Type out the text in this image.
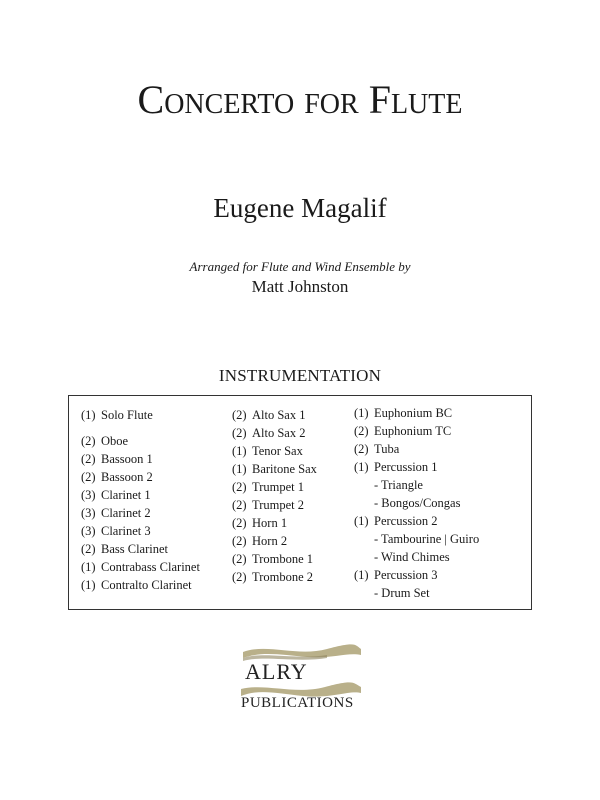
Concerto for Flute
Eugene Magalif
Arranged for Flute and Wind Ensemble by
Matt Johnston
INSTRUMENTATION
(1) Solo Flute
(2) Oboe
(2) Bassoon 1
(2) Bassoon 2
(3) Clarinet 1
(3) Clarinet 2
(3) Clarinet 3
(2) Bass Clarinet
(1) Contrabass Clarinet
(1) Contralto Clarinet
(2) Alto Sax 1
(2) Alto Sax 2
(1) Tenor Sax
(1) Baritone Sax
(2) Trumpet 1
(2) Trumpet 2
(2) Horn 1
(2) Horn 2
(2) Trombone 1
(2) Trombone 2
(1) Euphonium BC
(2) Euphonium TC
(2) Tuba
(1) Percussion 1
- Triangle
- Bongos/Congas
(1) Percussion 2
- Tambourine | Guiro
- Wind Chimes
(1) Percussion 3
- Drum Set
ALRY
PUBLICATIONS
